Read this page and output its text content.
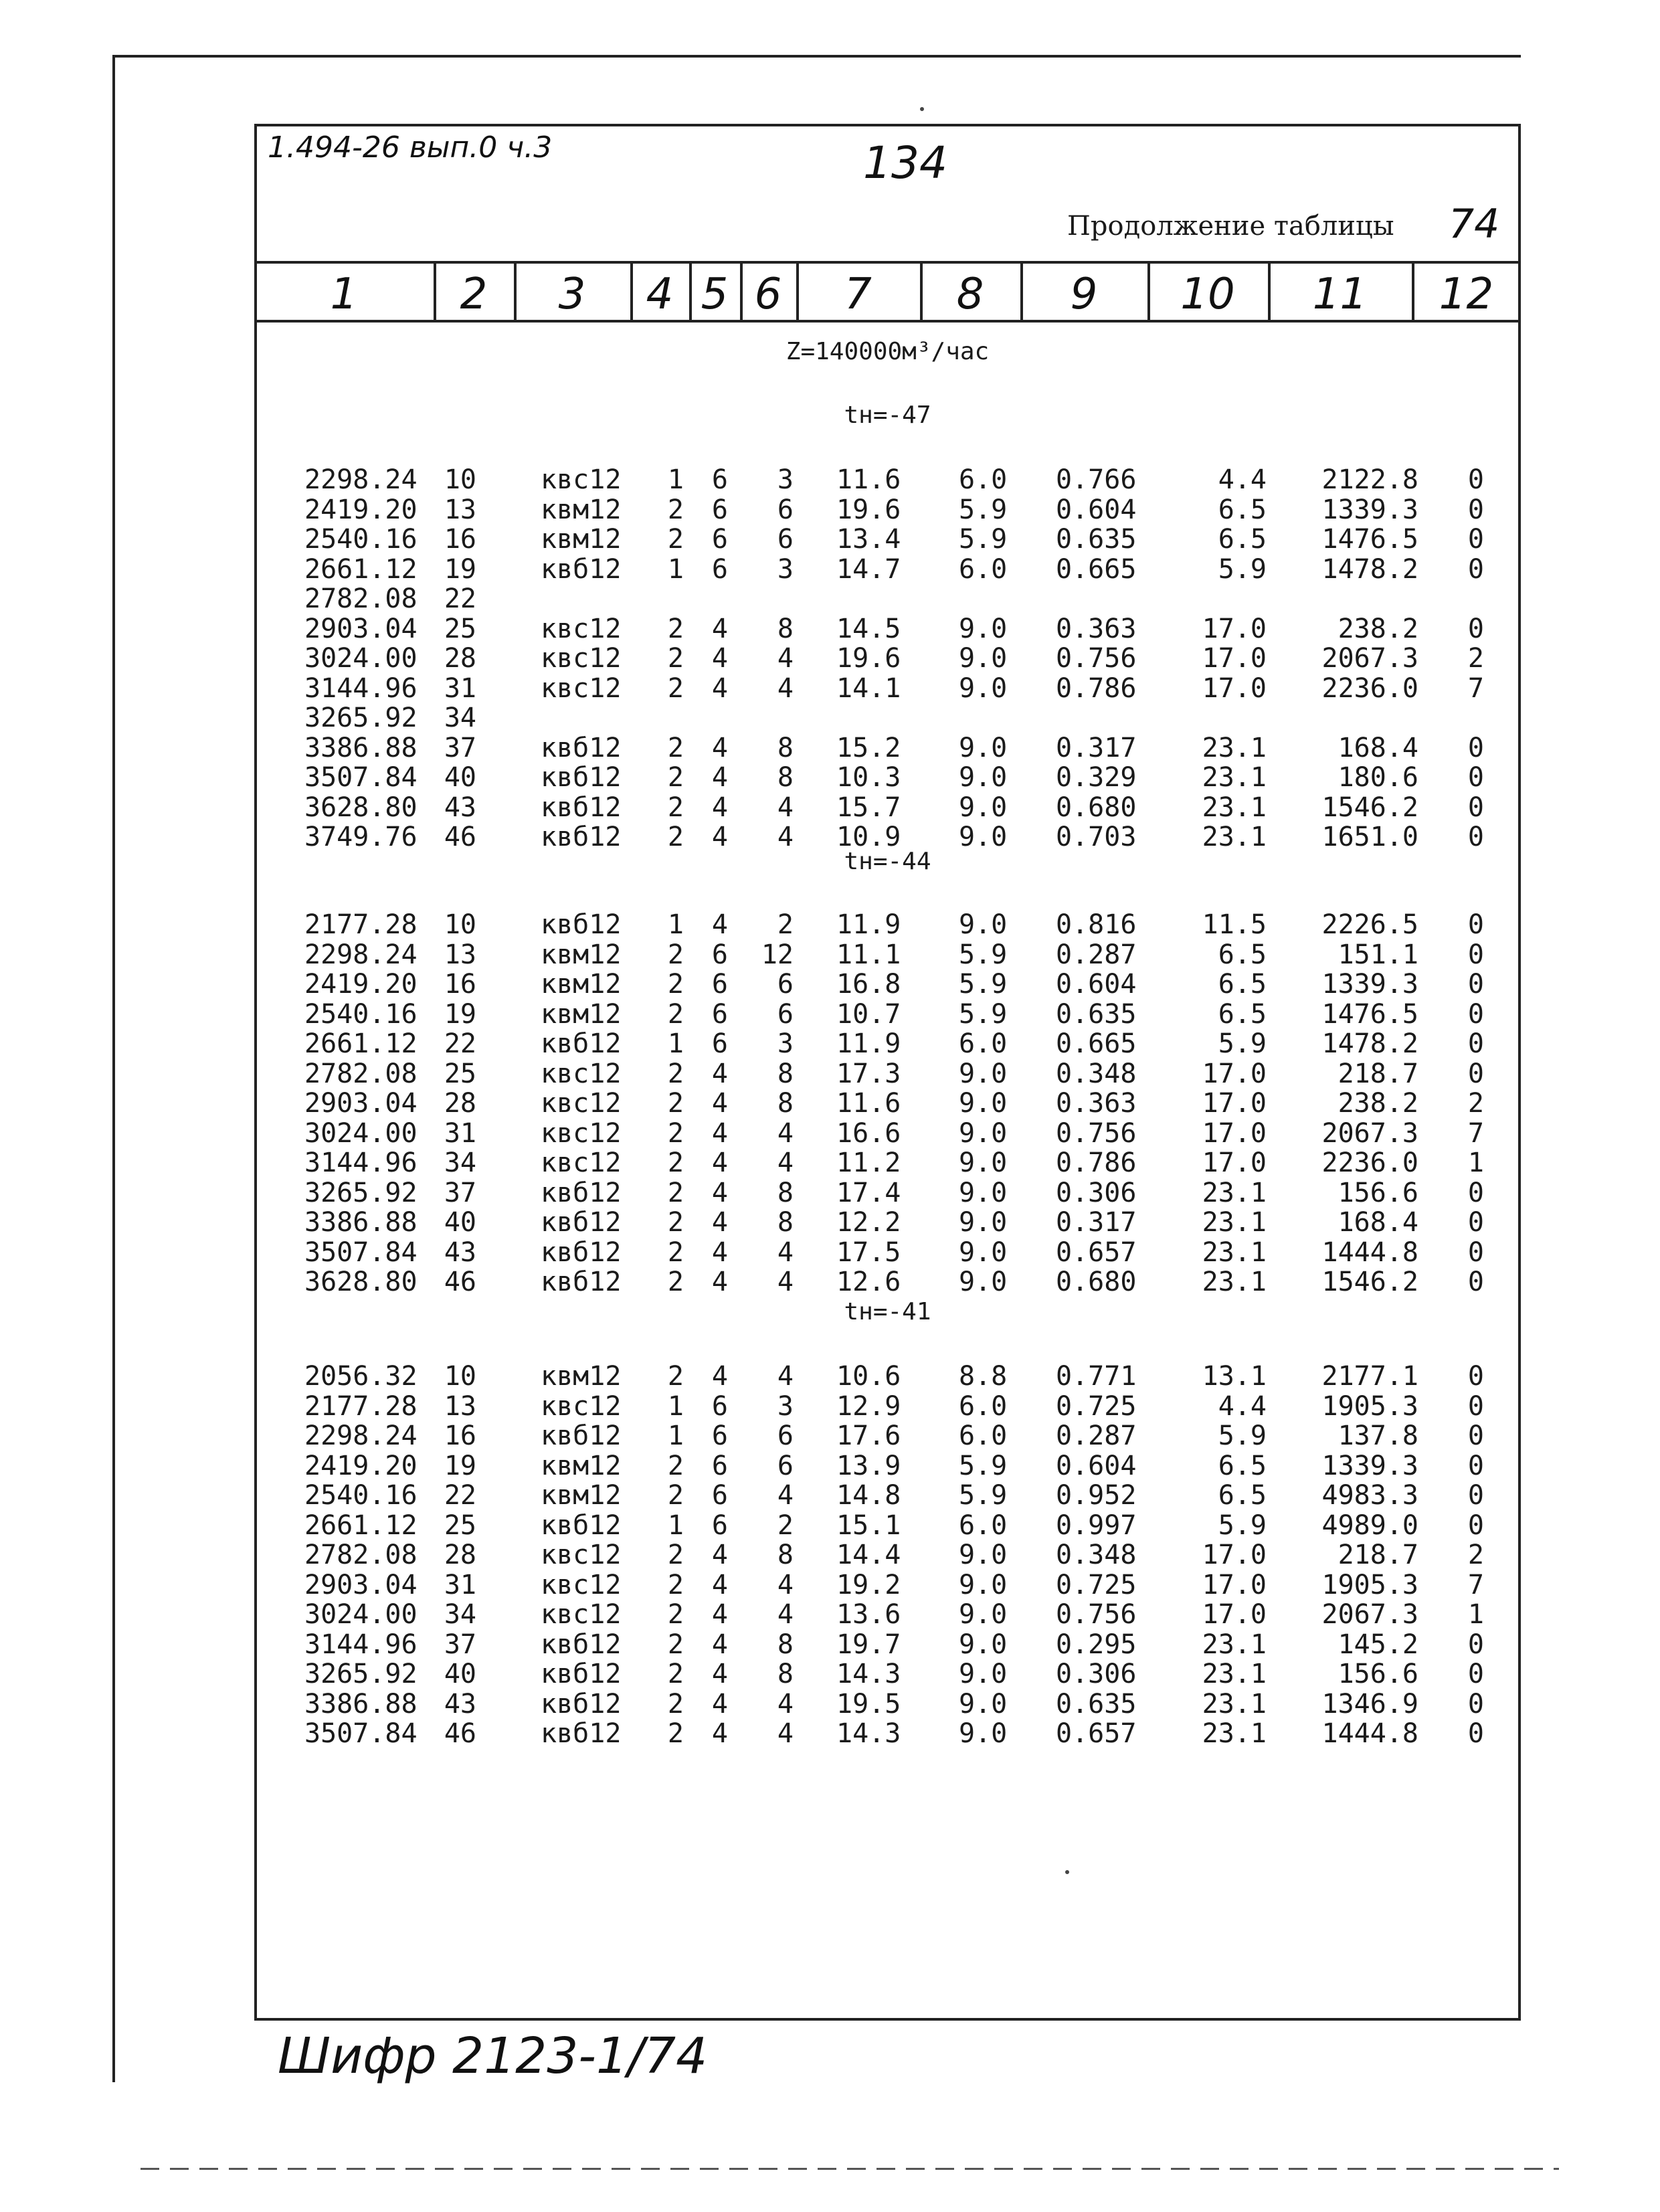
1.494-26 вып.0 ч.3	134
Продолжение таблицы 74
1	2	3	4 5 6	7	8	9	10	11	12
Z=140000м³/час
tн=-47
2298.24 10 квс12 1 6 3 11.6 6.0 0.766	4.4 2122.8 0
2419.20 13 квм12 2 6 6 19.6 5.9 0.604	6.5 1339.3 0
2540.16 16 квм12 2 6 6 13.4 5.9 0.635	6.5 1476.5 0
2661.12 19 квб12 1 6 3 14.7 6.0 0.665	5.9 1478.2 0
2782.08 22
2903.04 25 квс12 2 4 8 14.5 9.0 0.363 17.0	238.2 0
3024.00 28 квс12 2 4 4 19.6 9.0 0.756 17.0 2067.3 2
3144.96 31 квс12 2 4 4 14.1 9.0 0.786 17.0 2236.0 7
3265.92 34
3386.88 37 квб12 2 4 8 15.2 9.0 0.317 23.1	168.4 0
3507.84 40 квб12 2 4 8 10.3 9.0 0.329 23.1	180.6 0
3628.80 43 квб12 2 4 4 15.7 9.0 0.680 23.1 1546.2 0
3749.76 46 квб12 2 4 4 10.9 9.0 0.703 23.1 1651.0 0
tн=-44
2177.28 10 квб12 1 4 2 11.9 9.0 0.816 11.5 2226.5 0
2298.24 13 квм12 2 6 12 11.1 5.9 0.287	6.5	151.1 0
2419.20 16 квм12 2 6 6 16.8 5.9 0.604	6.5 1339.3 0
2540.16 19 квм12 2 6 6 10.7 5.9 0.635	6.5 1476.5 0
2661.12 22 квб12 1 6 3 11.9 6.0 0.665	5.9 1478.2 0
2782.08 25 квс12 2 4 8 17.3 9.0 0.348 17.0	218.7 0
2903.04 28 квс12 2 4 8 11.6 9.0 0.363 17.0	238.2 2
3024.00 31 квс12 2 4 4 16.6 9.0 0.756 17.0 2067.3 7
3144.96 34 квс12 2 4 4 11.2 9.0 0.786 17.0 2236.0 1
3265.92 37 квб12 2 4 8 17.4 9.0 0.306 23.1	156.6 0
3386.88 40 квб12 2 4 8 12.2 9.0 0.317 23.1	168.4 0
3507.84 43 квб12 2 4 4 17.5 9.0 0.657 23.1 1444.8 0
3628.80 46 квб12 2 4 4 12.6 9.0 0.680 23.1 1546.2 0
tн=-41
2056.32 10 квм12 2 4 4 10.6 8.8 0.771 13.1 2177.1 0
2177.28 13 квс12 1 6 3 12.9 6.0 0.725	4.4 1905.3 0
2298.24 16 квб12 1 6 6 17.6 6.0 0.287	5.9	137.8 0
2419.20 19 квм12 2 6 6 13.9 5.9 0.604	6.5 1339.3 0
2540.16 22 квм12 2 6 4 14.8 5.9 0.952	6.5 4983.3 0
2661.12 25 квб12 1 6 2 15.1 6.0 0.997	5.9 4989.0 0
2782.08 28 квс12 2 4 8 14.4 9.0 0.348 17.0	218.7 2
2903.04 31 квс12 2 4 4 19.2 9.0 0.725 17.0 1905.3 7
3024.00 34 квс12 2 4 4 13.6 9.0 0.756 17.0 2067.3 1
3144.96 37 квб12 2 4 8 19.7 9.0 0.295 23.1	145.2 0
3265.92 40 квб12 2 4 8 14.3 9.0 0.306 23.1	156.6 0
3386.88 43 квб12 2 4 4 19.5 9.0 0.635 23.1 1346.9 0
3507.84 46 квб12 2 4 4 14.3 9.0 0.657 23.1 1444.8 0
Шифр 2123-1/74
